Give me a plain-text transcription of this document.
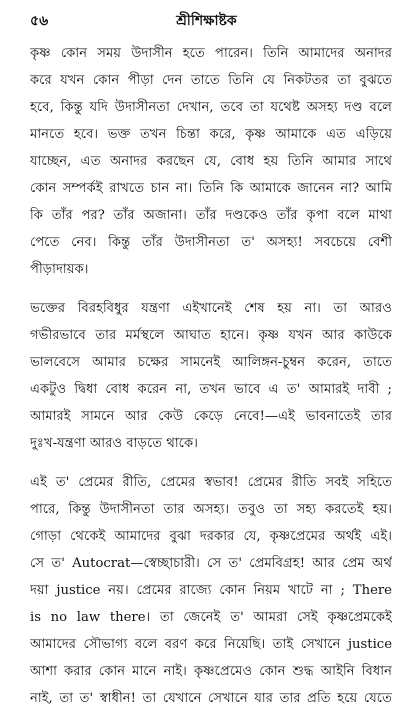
৫৬	শ্রীশিক্ষাষ্টক

কৃষ্ণ কোন সময় উদাসীন হতে পারেন। তিনি আমাদের অনাদর
করে যখন কোন পীড়া দেন তাতে তিনি যে নিকটতর তা বুঝতে
হবে, কিন্তু যদি উদাসীনতা দেখান, তবে তা যথেষ্ট অসহ্য দণ্ড বলে
মানতে হবে। ভক্ত তখন চিন্তা করে, কৃষ্ণ আমাকে এত এড়িয়ে
যাচ্ছেন, এত অনাদর করছেন যে, বোধ হয় তিনি আমার সাথে
কোন সম্পর্কই রাখতে চান না। তিনি কি আমাকে জানেন না? আমি
কি তাঁর পর? তাঁর অজানা। তাঁর দণ্ডকেও তাঁর কৃপা বলে মাথা
পেতে নেব। কিন্তু তাঁর উদাসীনতা ত' অসহ্য! সবচেয়ে বেশী
পীড়াদায়ক।

ভক্তের বিরহবিধুর যন্ত্রণা এইখানেই শেষ হয় না। তা আরও
গভীরভাবে তার মর্মস্থলে আঘাত হানে। কৃষ্ণ যখন আর কাউকে
ভালবেসে আমার চক্ষের সামনেই আলিঙ্গন-চুম্বন করেন, তাতে
একটুও দ্বিধা বোধ করেন না, তখন ভাবে এ ত' আমারই দাবী ;
আমারই সামনে আর কেউ কেড়ে নেবে!—এই ভাবনাতেই তার
দুঃখ-যন্ত্রণা আরও বাড়তে থাকে।

এই ত' প্রেমের রীতি, প্রেমের স্বভাব! প্রেমের রীতি সবই সহিতে
পারে, কিন্তু উদাসীনতা তার অসহ্য। তবুও তা সহ্য করতেই হয়।
গোড়া থেকেই আমাদের বুঝা দরকার যে, কৃষ্ণপ্রেমের অর্থই এই।
সে ত' Autocrat—স্বেচ্ছাচারী। সে ত' প্রেমবিগ্রহ! আর প্রেম অর্থ
দয়া justice নয়। প্রেমের রাজ্যে কোন নিয়ম খাটে না ; There
is no law there। তা জেনেই ত' আমরা সেই কৃষ্ণপ্রেমকেই
আমাদের সৌভাগ্য বলে বরণ করে নিয়েছি। তাই সেখানে justice
আশা করার কোন মানে নাই। কৃষ্ণপ্রেমেও কোন শুদ্ধ আইনি বিধান
নাই, তা ত' স্বাধীন! তা যেখানে সেখানে যার তার প্রতি হয়ে যেতে
